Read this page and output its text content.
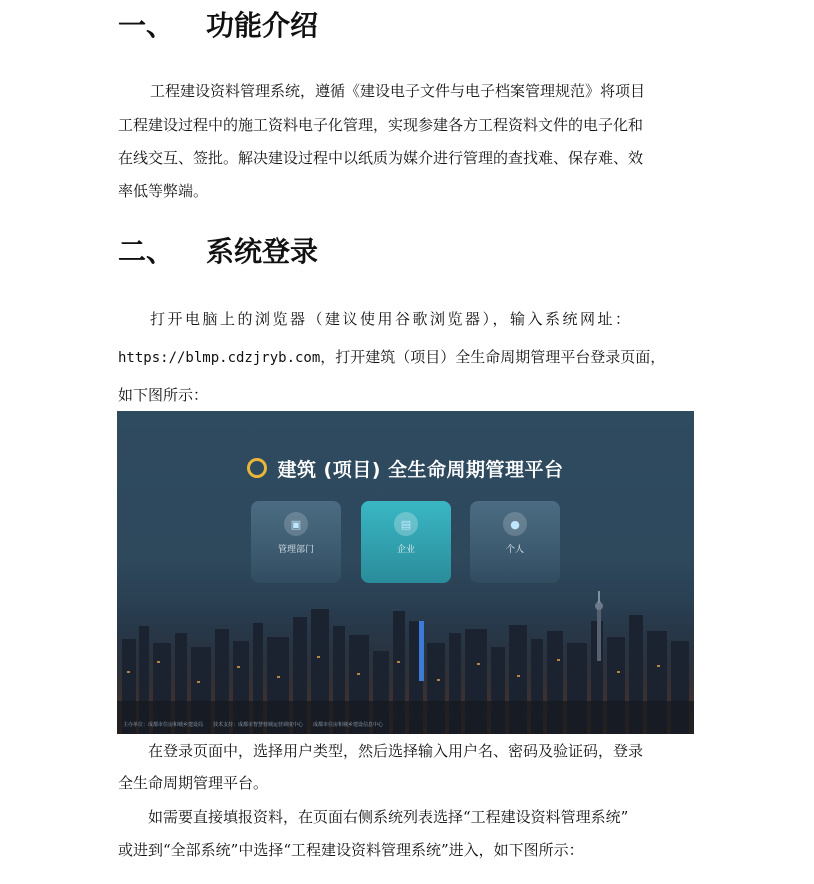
一、 功能介绍

工程建设资料管理系统，遵循《建设电子文件与电子档案管理规范》将项目

工程建设过程中的施工资料电子化管理，实现参建各方工程资料文件的电子化和

在线交互、签批。解决建设过程中以纸质为媒介进行管理的查找难、保存难、效

率低等弊端。

二、 系统登录

打开电脑上的浏览器（建议使用谷歌浏览器），输入系统网址：

https://blmp.cdzjryb.com，打开建筑（项目）全生命周期管理平台登录页面，

如下图所示：

建筑 (项目) 全生命周期管理平台
▣
管理部门
▤
企业
●
个人
主办单位：成都市住房和城乡建设局　　技术支持：成都市智慧蓉城运营调度中心　　成都市住房和城乡建设信息中心

在登录页面中，选择用户类型，然后选择输入用户名、密码及验证码，登录

全生命周期管理平台。

如需要直接填报资料，在页面右侧系统列表选择“工程建设资料管理系统”

或进到“全部系统”中选择“工程建设资料管理系统”进入，如下图所示：
